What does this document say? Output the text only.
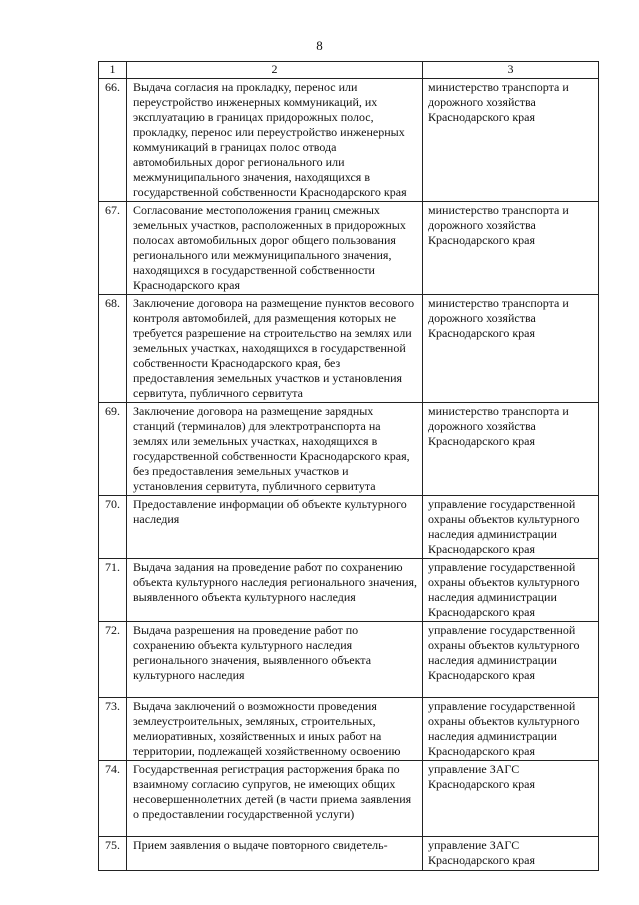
8
1	2	3
66.	Выдача согласия на прокладку, перенос или переустройство инженерных коммуникаций, их эксплуатацию в границах придорожных полос, прокладку, перенос или переустройство инженерных коммуникаций в границах полос отвода автомобильных дорог регионального или межмуниципального значения, находящихся в государственной собственности Краснодарского края	министерство транспорта и дорожного хозяйства Краснодарского края
67.	Согласование местоположения границ смежных земельных участков, расположенных в придорожных полосах автомобильных дорог общего пользования регионального или межмуниципального значения, находящихся в государственной собственности Краснодарского края	министерство транспорта и дорожного хозяйства Краснодарского края
68.	Заключение договора на размещение пунктов весового контроля автомобилей, для размещения которых не требуется разрешение на строительство на землях или земельных участках, находящихся в государственной собственности Краснодарского края, без предоставления земельных участков и установления сервитута, публичного сервитута	министерство транспорта и дорожного хозяйства Краснодарского края
69.	Заключение договора на размещение зарядных станций (терминалов) для электротранспорта на землях или земельных участках, находящихся в государственной собственности Краснодарского края, без предоставления земельных участков и установления сервитута, публичного сервитута	министерство транспорта и дорожного хозяйства Краснодарского края
70.	Предоставление информации об объекте культурного наследия	управление государственной охраны объектов культурного наследия администрации Краснодарского края
71.	Выдача задания на проведение работ по сохранению объекта культурного наследия регионального значения, выявленного объекта культурного наследия	управление государственной охраны объектов культурного наследия администрации Краснодарского края
72.	Выдача разрешения на проведение работ по сохранению объекта культурного наследия регионального значения, выявленного объекта культурного наследия	управление государственной охраны объектов культурного наследия администрации Краснодарского края
73.	Выдача заключений о возможности проведения землеустроительных, земляных, строительных, мелиоративных, хозяйственных и иных работ на территории, подлежащей хозяйственному освоению	управление государственной охраны объектов культурного наследия администрации Краснодарского края
74.	Государственная регистрация расторжения брака по взаимному согласию супругов, не имеющих общих несовершеннолетних детей (в части приема заявления о предоставлении государственной услуги)	управление ЗАГС Краснодарского края
75.	Прием заявления о выдаче повторного свидетель-	управление ЗАГС Краснодарского края
